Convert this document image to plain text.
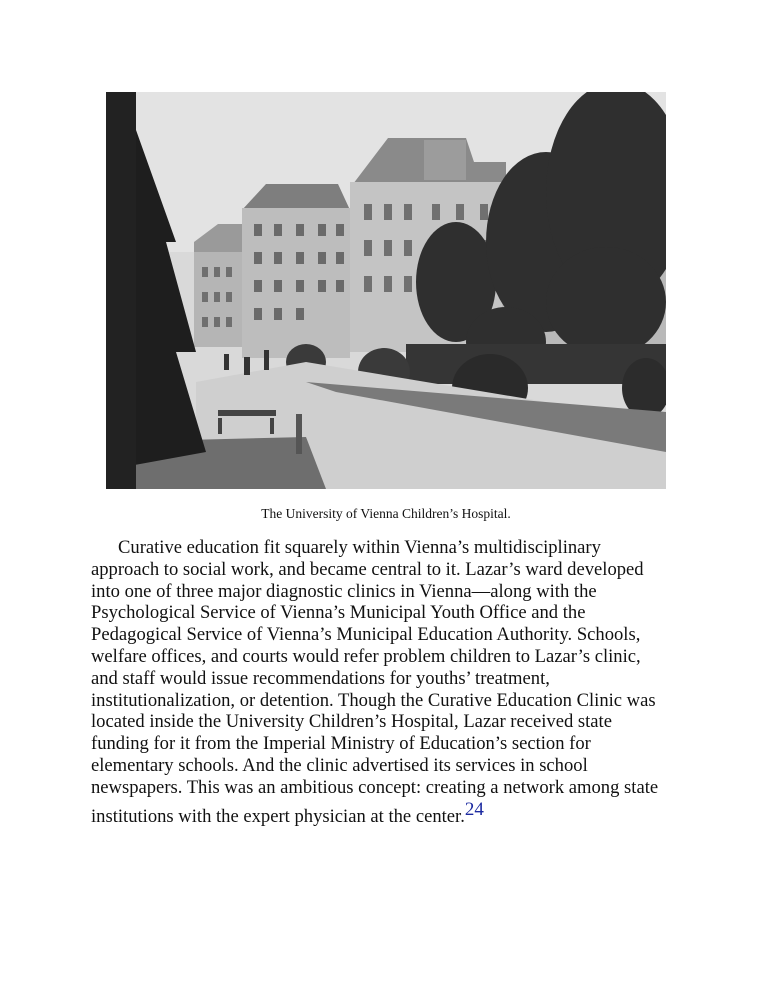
The University of Vienna Children’s Hospital.

Curative education fit squarely within Vienna’s multidisciplinary
approach to social work, and became central to it. Lazar’s ward developed
into one of three major diagnostic clinics in Vienna—along with the
Psychological Service of Vienna’s Municipal Youth Office and the
Pedagogical Service of Vienna’s Municipal Education Authority. Schools,
welfare offices, and courts would refer problem children to Lazar’s clinic,
and staff would issue recommendations for youths’ treatment,
institutionalization, or detention. Though the Curative Education Clinic was
located inside the University Children’s Hospital, Lazar received state
funding for it from the Imperial Ministry of Education’s section for
elementary schools. And the clinic advertised its services in school
newspapers. This was an ambitious concept: creating a network among state
institutions with the expert physician at the center.$^{24}$
